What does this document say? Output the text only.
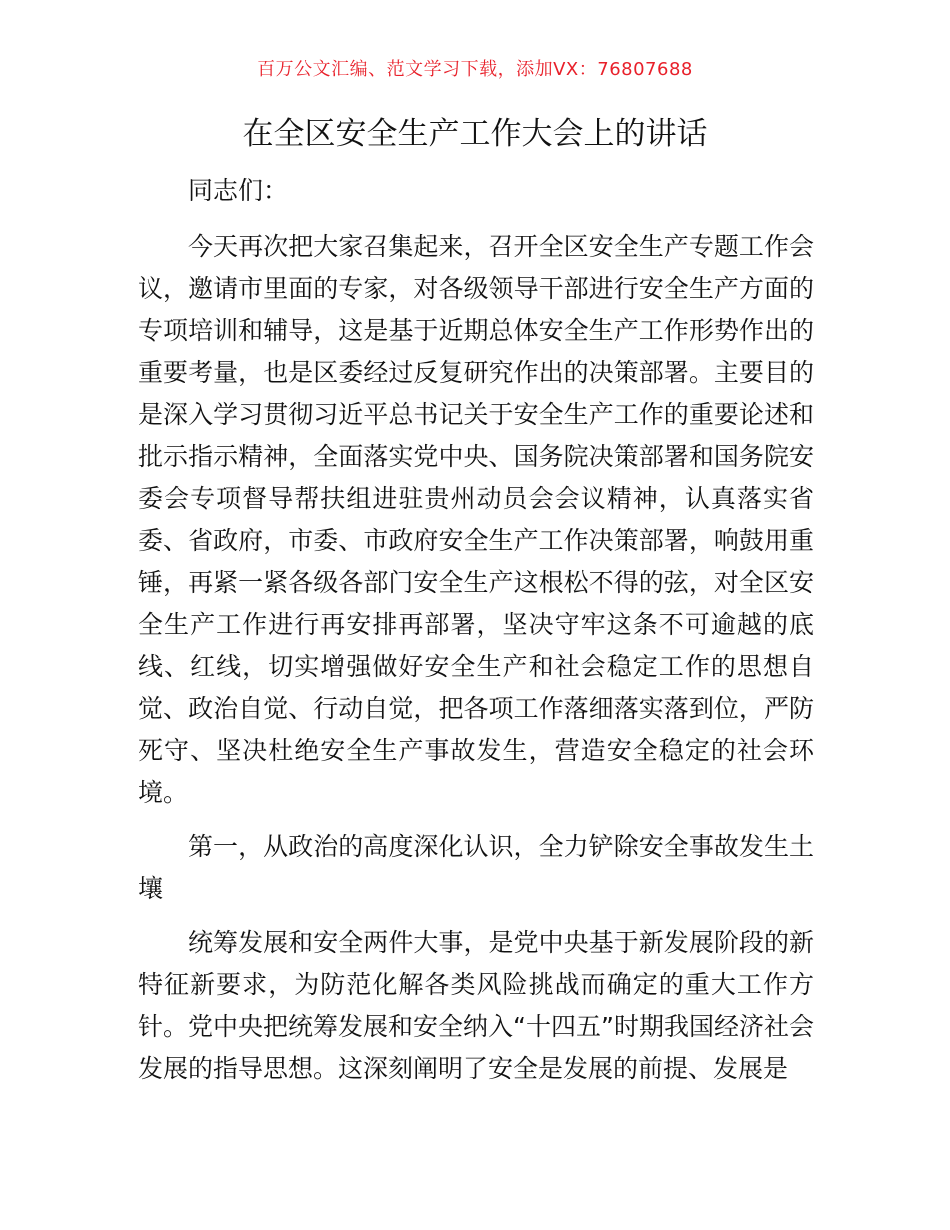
百万公文汇编、范文学习下载，添加VX：76807688
在全区安全生产工作大会上的讲话

同志们：

今天再次把大家召集起来，召开全区安全生产专题工作会议，邀请市里面的专家，对各级领导干部进行安全生产方面的专项培训和辅导，这是基于近期总体安全生产工作形势作出的重要考量，也是区委经过反复研究作出的决策部署。主要目的是深入学习贯彻习近平总书记关于安全生产工作的重要论述和批示指示精神，全面落实党中央、国务院决策部署和国务院安委会专项督导帮扶组进驻贵州动员会会议精神，认真落实省委、省政府，市委、市政府安全生产工作决策部署，响鼓用重锤，再紧一紧各级各部门安全生产这根松不得的弦，对全区安全生产工作进行再安排再部署，坚决守牢这条不可逾越的底线、红线，切实增强做好安全生产和社会稳定工作的思想自觉、政治自觉、行动自觉，把各项工作落细落实落到位，严防死守、坚决杜绝安全生产事故发生，营造安全稳定的社会环境。

第一，从政治的高度深化认识，全力铲除安全事故发生土壤

统筹发展和安全两件大事，是党中央基于新发展阶段的新特征新要求，为防范化解各类风险挑战而确定的重大工作方针。党中央把统筹发展和安全纳入“十四五”时期我国经济社会发展的指导思想。这深刻阐明了安全是发展的前提、发展是
